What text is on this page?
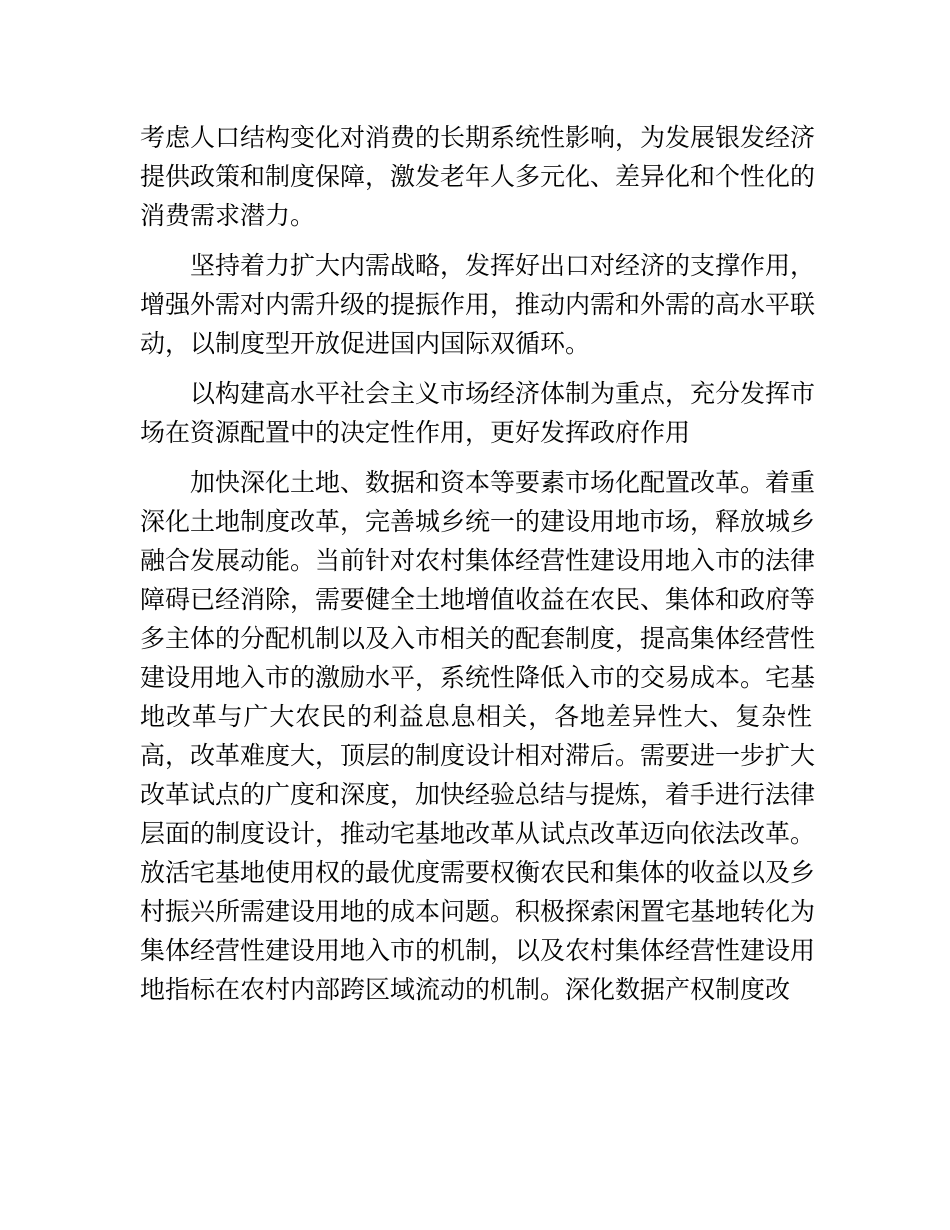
考虑人口结构变化对消费的长期系统性影响，为发展银发经济
提供政策和制度保障，激发老年人多元化、差异化和个性化的
消费需求潜力。
坚持着力扩大内需战略，发挥好出口对经济的支撑作用，
增强外需对内需升级的提振作用，推动内需和外需的高水平联
动，以制度型开放促进国内国际双循环。
以构建高水平社会主义市场经济体制为重点，充分发挥市
场在资源配置中的决定性作用，更好发挥政府作用
加快深化土地、数据和资本等要素市场化配置改革。着重
深化土地制度改革，完善城乡统一的建设用地市场，释放城乡
融合发展动能。当前针对农村集体经营性建设用地入市的法律
障碍已经消除，需要健全土地增值收益在农民、集体和政府等
多主体的分配机制以及入市相关的配套制度，提高集体经营性
建设用地入市的激励水平，系统性降低入市的交易成本。宅基
地改革与广大农民的利益息息相关，各地差异性大、复杂性
高，改革难度大，顶层的制度设计相对滞后。需要进一步扩大
改革试点的广度和深度，加快经验总结与提炼，着手进行法律
层面的制度设计，推动宅基地改革从试点改革迈向依法改革。
放活宅基地使用权的最优度需要权衡农民和集体的收益以及乡
村振兴所需建设用地的成本问题。积极探索闲置宅基地转化为
集体经营性建设用地入市的机制，以及农村集体经营性建设用
地指标在农村内部跨区域流动的机制。深化数据产权制度改
